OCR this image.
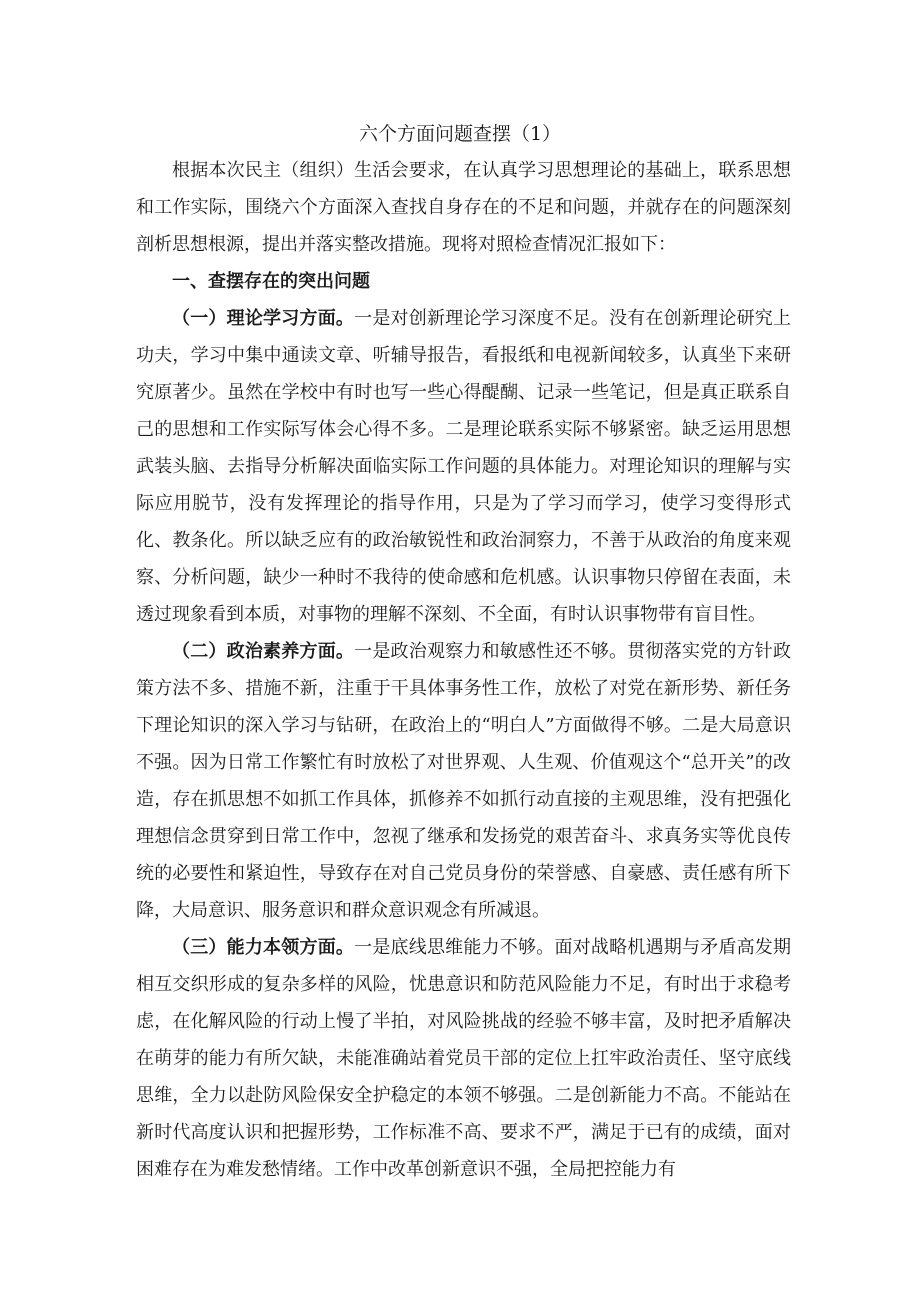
六个方面问题查摆（1）

根据本次民主（组织）生活会要求，在认真学习思想理论的基础上，联系思想和工作实际，围绕六个方面深入查找自身存在的不足和问题，并就存在的问题深刻剖析思想根源，提出并落实整改措施。现将对照检查情况汇报如下：

一、查摆存在的突出问题

（一）理论学习方面。一是对创新理论学习深度不足。没有在创新理论研究上功夫，学习中集中通读文章、听辅导报告，看报纸和电视新闻较多，认真坐下来研究原著少。虽然在学校中有时也写一些心得醍醐、记录一些笔记，但是真正联系自己的思想和工作实际写体会心得不多。二是理论联系实际不够紧密。缺乏运用思想武装头脑、去指导分析解决面临实际工作问题的具体能力。对理论知识的理解与实际应用脱节，没有发挥理论的指导作用，只是为了学习而学习，使学习变得形式化、教条化。所以缺乏应有的政治敏锐性和政治洞察力，不善于从政治的角度来观察、分析问题，缺少一种时不我待的使命感和危机感。认识事物只停留在表面，未透过现象看到本质，对事物的理解不深刻、不全面，有时认识事物带有盲目性。

（二）政治素养方面。一是政治观察力和敏感性还不够。贯彻落实党的方针政策方法不多、措施不新，注重于干具体事务性工作，放松了对党在新形势、新任务下理论知识的深入学习与钻研，在政治上的“明白人”方面做得不够。二是大局意识不强。因为日常工作繁忙有时放松了对世界观、人生观、价值观这个“总开关”的改造，存在抓思想不如抓工作具体，抓修养不如抓行动直接的主观思维，没有把强化理想信念贯穿到日常工作中，忽视了继承和发扬党的艰苦奋斗、求真务实等优良传统的必要性和紧迫性，导致存在对自己党员身份的荣誉感、自豪感、责任感有所下降，大局意识、服务意识和群众意识观念有所减退。

（三）能力本领方面。一是底线思维能力不够。面对战略机遇期与矛盾高发期相互交织形成的复杂多样的风险，忧患意识和防范风险能力不足，有时出于求稳考虑，在化解风险的行动上慢了半拍，对风险挑战的经验不够丰富，及时把矛盾解决在萌芽的能力有所欠缺，未能准确站着党员干部的定位上扛牢政治责任、坚守底线思维，全力以赴防风险保安全护稳定的本领不够强。二是创新能力不高。不能站在新时代高度认识和把握形势，工作标准不高、要求不严，满足于已有的成绩，面对困难存在为难发愁情绪。工作中改革创新意识不强，全局把控能力有
